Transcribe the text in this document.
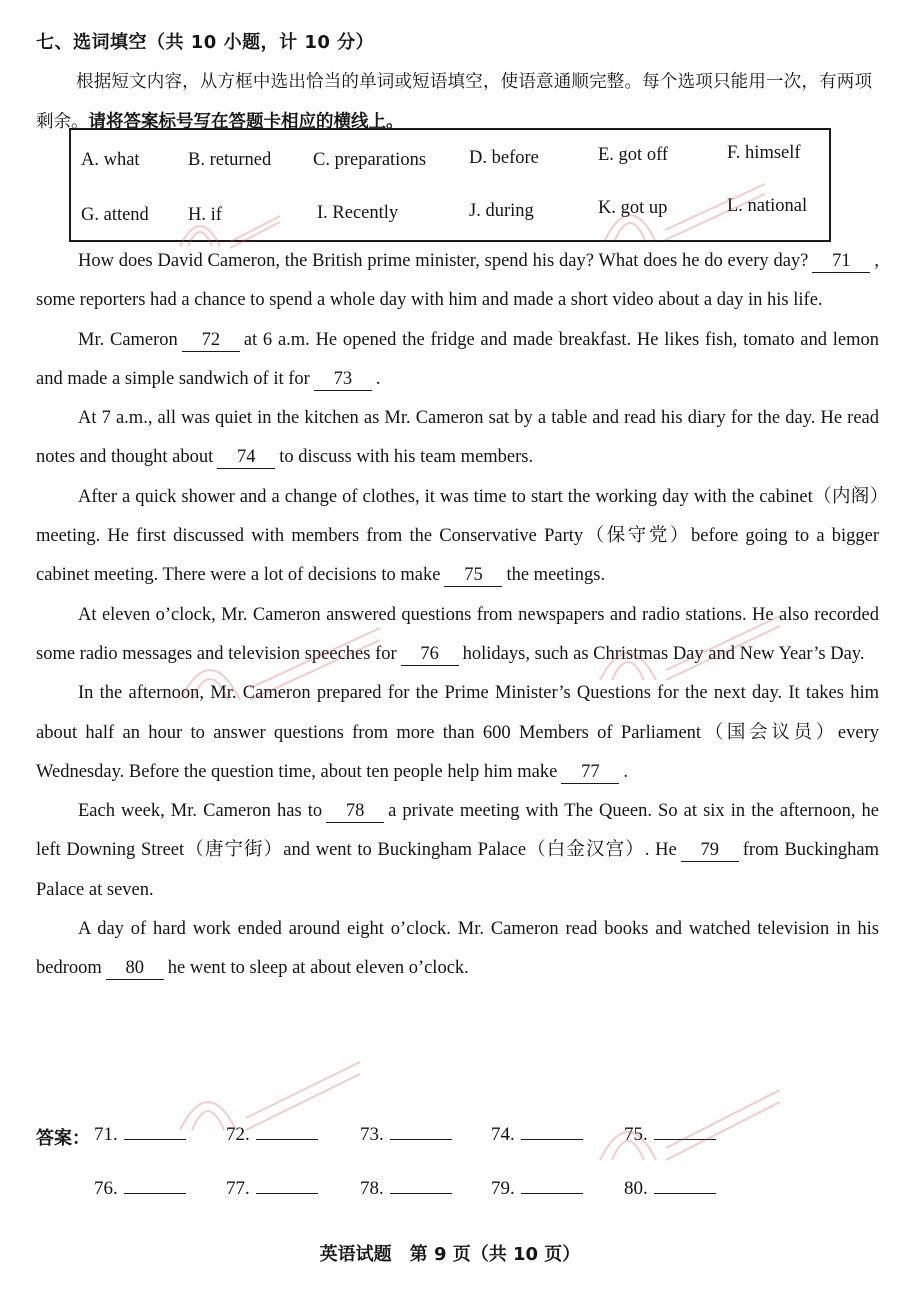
七、选词填空（共 10 小题，计 10 分）
根据短文内容，从方框中选出恰当的单词或短语填空，使语意通顺完整。每个选项只能用一次，有两项剩余。请将答案标号写在答题卡相应的横线上。
A. what	B. returned C. preparations D. before	E. got off	F. himself
G. attend H. if	I. Recently	J. during	K. got up	L. national

How does David Cameron, the British prime minister, spend his day? What does he do every day? 71 , some reporters had a chance to spend a whole day with him and made a short video about a day in his life.

Mr. Cameron 72 at 6 a.m. He opened the fridge and made breakfast. He likes fish, tomato and lemon and made a simple sandwich of it for 73 .

At 7 a.m., all was quiet in the kitchen as Mr. Cameron sat by a table and read his diary for the day. He read notes and thought about 74 to discuss with his team members.

After a quick shower and a change of clothes, it was time to start the working day with the cabinet（内阁）meeting. He first discussed with members from the Conservative Party（保守党）before going to a bigger cabinet meeting. There were a lot of decisions to make 75 the meetings.

At eleven o’clock, Mr. Cameron answered questions from newspapers and radio stations. He also recorded some radio messages and television speeches for 76 holidays, such as Christmas Day and New Year’s Day.

In the afternoon, Mr. Cameron prepared for the Prime Minister’s Questions for the next day. It takes him about half an hour to answer questions from more than 600 Members of Parliament（国会议员）every Wednesday. Before the question time, about ten people help him make 77 .

Each week, Mr. Cameron has to 78 a private meeting with The Queen. So at six in the afternoon, he left Downing Street（唐宁街）and went to Buckingham Palace（白金汉宫）. He 79 from Buckingham Palace at seven.

A day of hard work ended around eight o’clock. Mr. Cameron read books and watched television in his bedroom 80 he went to sleep at about eleven o’clock.

答案： 71.	72.	73.	74.	75.
76.	77.	78.	79.	80.
英语试题　第 9 页（共 10 页）
